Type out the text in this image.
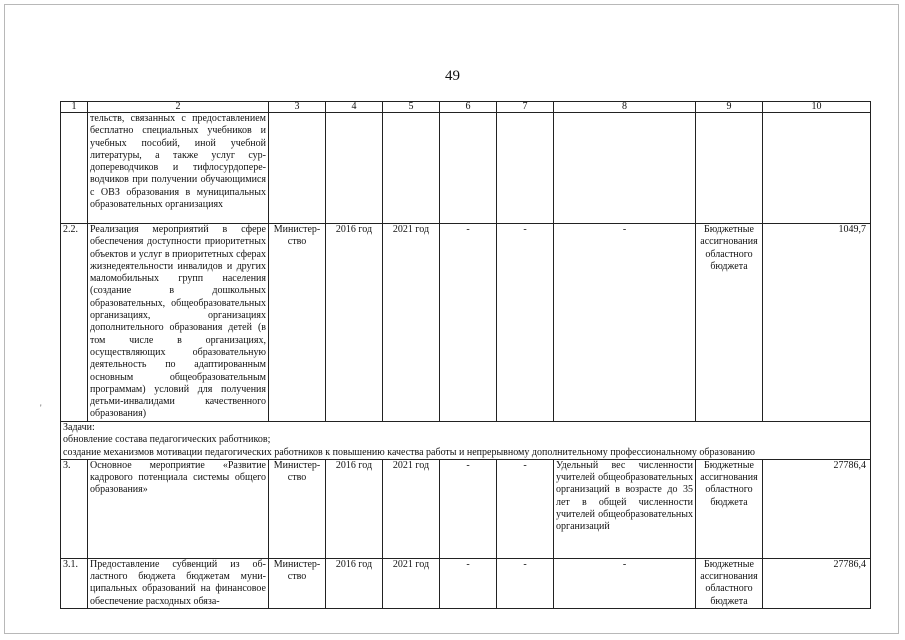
49
'
1	2	3	4	5	6	7	8	9	10
	тельств, связанных с предоставлением бесплатно специальных учебников и учебных пособий, иной учебной литературы, а также услуг сурдопереводчиков и тифлосурдопереводчиков при получении обучающимися с ОВЗ образования в муниципальных образовательных организациях								
2.2.	Реализация мероприятий в сфере обеспечения доступности приоритетных объектов и услуг в приоритетных сферах жизнедеятельности инвалидов и других маломобильных групп населения (создание в дошкольных образовательных, общеобразовательных организациях, организациях дополнительного образования детей (в том числе в организациях, осуществляющих образовательную деятельность по адаптированным основным общеобразовательным программам) условий для получения детьми-инвалидами качественного образования)	Министерство	2016 год	2021 год	-	-	-	Бюджетные ассигнования областного бюджета	1049,7

Задачи:
обновление состава педагогических работников;
создание механизмов мотивации педагогических работников к повышению качества работы и непрерывному дополнительному профессиональному образованию									

3.	Основное мероприятие «Развитие кадрового потенциала системы общего образования»	Министерство	2016 год	2021 год	-	-	Удельный вес численности учителей общеобразовательных организаций в возрасте до 35 лет в общей численности учителей общеобразовательных организаций	Бюджетные ассигнования областного бюджета	27786,4
3.1.	Предоставление субвенций из областного бюджета бюджетам муниципальных образований на финансовое обеспечение расходных обяза-	Министерство	2016 год	2021 год	-	-	-	Бюджетные ассигнования областного бюджета	27786,4
